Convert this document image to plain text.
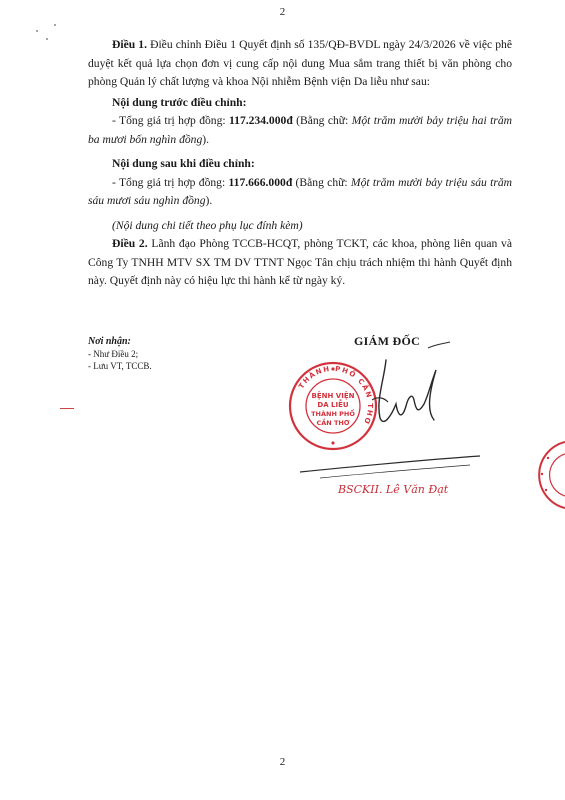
2

Điều 1. Điều chỉnh Điều 1 Quyết định số 135/QĐ-BVDL ngày 24/3/2026 về việc phê duyệt kết quả lựa chọn đơn vị cung cấp nội dung Mua sắm trang thiết bị văn phòng cho phòng Quản lý chất lượng và khoa Nội nhiễm Bệnh viện Da liễu như sau:

Nội dung trước điều chỉnh:

- Tổng giá trị hợp đồng: 117.234.000đ (Bằng chữ: Một trăm mười bảy triệu hai trăm ba mươi bốn nghìn đồng).

Nội dung sau khi điều chỉnh:

- Tổng giá trị hợp đồng: 117.666.000đ (Bằng chữ: Một trăm mười bảy triệu sáu trăm sáu mươi sáu nghìn đồng).

(Nội dung chi tiết theo phụ lục đính kèm)

Điều 2. Lãnh đạo Phòng TCCB-HCQT, phòng TCKT, các khoa, phòng liên quan và Công Ty TNHH MTV SX TM DV TTNT Ngọc Tân chịu trách nhiệm thi hành Quyết định này. Quyết định này có hiệu lực thi hành kể từ ngày ký.

Nơi nhận:
- Như Điều 2;
- Lưu VT, TCCB.
GIÁM ĐỐC
THÀNH PHỐ CẦN THƠ
BỆNH VIỆN
DA LIỄU
THÀNH PHỐ
CẦN THƠ
BSCKII. Lê Văn Đạt
2
